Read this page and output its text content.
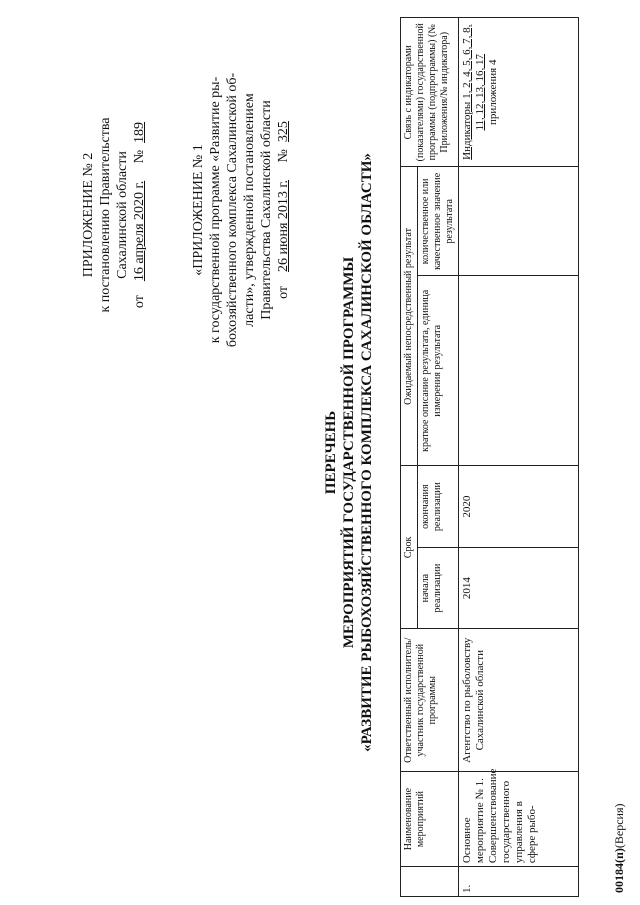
ПРИЛОЖЕНИЕ № 2 к постановлению Правительства Сахалинской области
от    16 апреля 2020 г.     №  189
«ПРИЛОЖЕНИЕ № 1 к государственной программе «Развитие ры- бохозяйственного комплекса Сахалинской об- ласти», утвержденной постановлением Правительства Сахалинской области от    26 июня 2013 г.     №  325
ПЕРЕЧЕНЬ МЕРОПРИЯТИЙ ГОСУДАРСТВЕННОЙ ПРОГРАММЫ «РАЗВИТИЕ РЫБОХОЗЯЙСТВЕННОГО КОМПЛЕКСА САХАЛИНСКОЙ ОБЛАСТИ»
	Наименование мероприятий	Ответственный исполнитель/участник государственной программы	Срок		Ожидаемый непосредственный результат		Связь с индикаторами (показателями) государственной программы (подпрограммы) (№ Приложения/№ индикатора)
			начала реализации	окончания реализации	краткое описание результата, единица измерения результата	количественное или качественное значение результата	
1.	Основное мероприятие № 1. Совершенствование государственного управления в сфере рыбо-	Агентство по рыболовству Сахалинской области	2014	2020			Индикаторы 1, 2, 4, 5, 6, 7, 8, 11, 12, 13, 16, 17 приложения 4
00184(п)(Версия)
